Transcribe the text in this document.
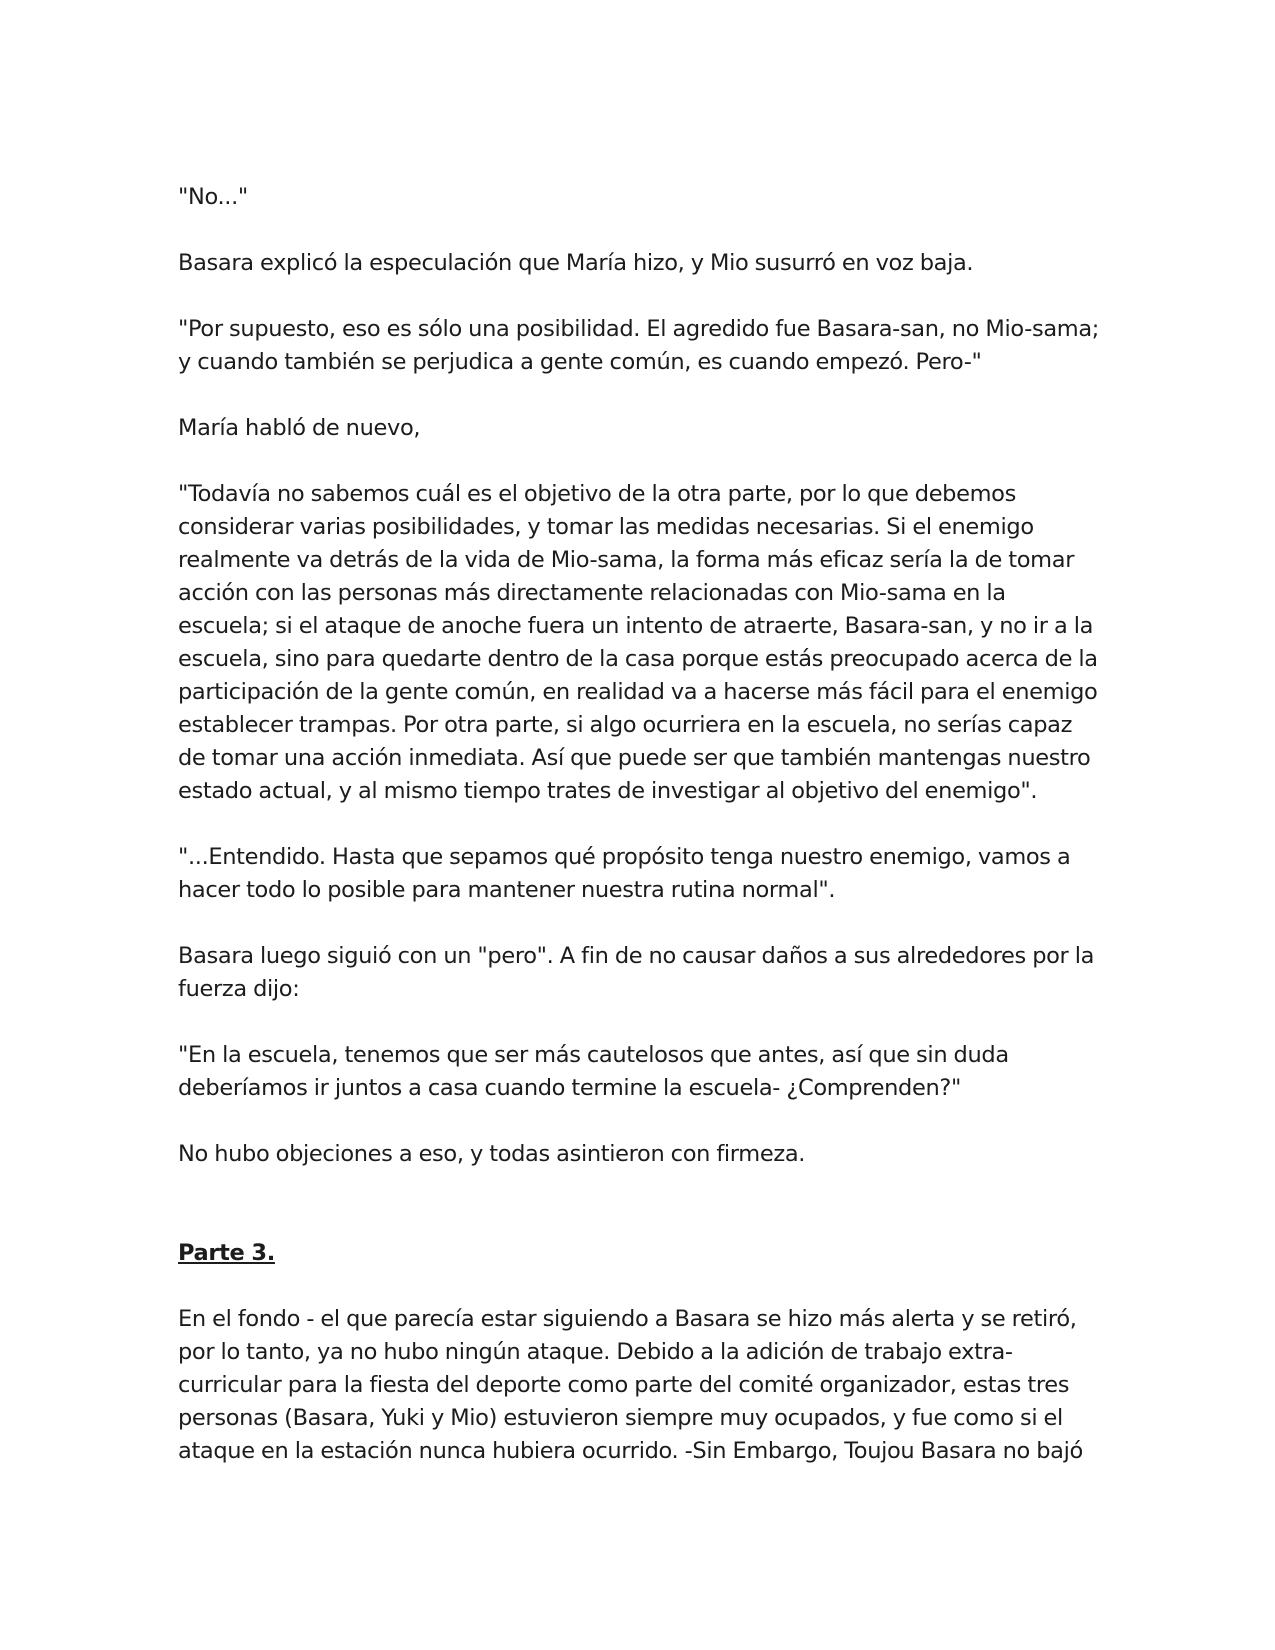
"No..."

Basara explicó la especulación que María hizo, y Mio susurró en voz baja.

"Por supuesto, eso es sólo una posibilidad. El agredido fue Basara-san, no Mio-sama; y cuando también se perjudica a gente común, es cuando empezó. Pero-"

María habló de nuevo,

"Todavía no sabemos cuál es el objetivo de la otra parte, por lo que debemos considerar varias posibilidades, y tomar las medidas necesarias. Si el enemigo realmente va detrás de la vida de Mio-sama, la forma más eficaz sería la de tomar acción con las personas más directamente relacionadas con Mio-sama en la escuela; si el ataque de anoche fuera un intento de atraerte, Basara-san, y no ir a la escuela, sino para quedarte dentro de la casa porque estás preocupado acerca de la participación de la gente común, en realidad va a hacerse más fácil para el enemigo establecer trampas. Por otra parte, si algo ocurriera en la escuela, no serías capaz de tomar una acción inmediata. Así que puede ser que también mantengas nuestro estado actual, y al mismo tiempo trates de investigar al objetivo del enemigo".

"...Entendido. Hasta que sepamos qué propósito tenga nuestro enemigo, vamos a hacer todo lo posible para mantener nuestra rutina normal".

Basara luego siguió con un "pero". A fin de no causar daños a sus alrededores por la fuerza dijo:

"En la escuela, tenemos que ser más cautelosos que antes, así que sin duda deberíamos ir juntos a casa cuando termine la escuela- ¿Comprenden?"

No hubo objeciones a eso, y todas asintieron con firmeza.

Parte 3.

En el fondo - el que parecía estar siguiendo a Basara se hizo más alerta y se retiró, por lo tanto, ya no hubo ningún ataque. Debido a la adición de trabajo extra-curricular para la fiesta del deporte como parte del comité organizador, estas tres personas (Basara, Yuki y Mio) estuvieron siempre muy ocupados, y fue como si el ataque en la estación nunca hubiera ocurrido. -Sin Embargo, Toujou Basara no bajó
